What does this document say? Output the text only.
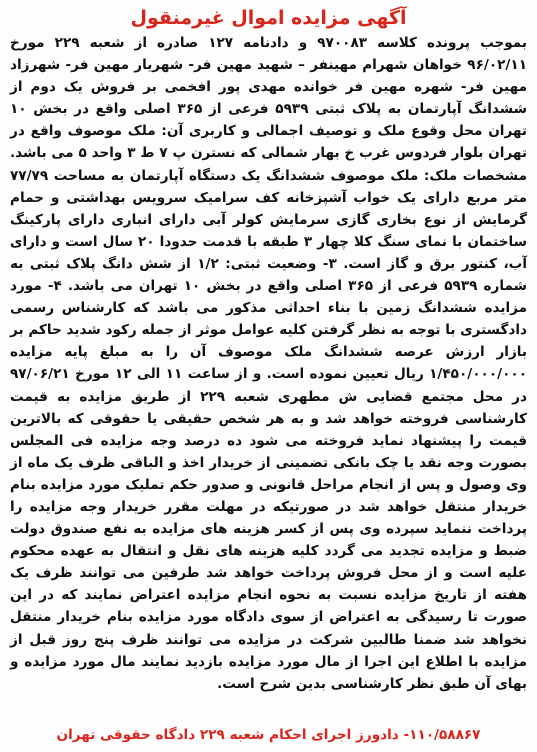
آگهی مزایده اموال غیرمنقول

بموجب پرونده کلاسه ۹۷۰۰۸۳ و دادنامه ۱۲۷ صادره از شعبه ۲۲۹ مورخ ۹۶/۰۲/۱۱ خواهان شهرام مهینفر – شهید مهین فر- شهریار مهین فر- شهرزاد مهین فر- شهره مهین فر خوانده مهدی پور افخمی بر فروش یک دوم از ششدانگ آپارتمان به پلاک ثبتی ۵۹۳۹ فرعی از ۳۶۵ اصلی واقع در بخش ۱۰ تهران محل وقوع ملک و توصیف اجمالی و کاربری آن: ملک موصوف واقع در تهران بلوار فردوس غرب خ بهار شمالی که نسترن پ ۷ ط ۳ واحد ۵ می باشد. مشخصات ملک: ملک موصوف ششدانگ یک دستگاه آپارتمان به مساحت ۷۷/۷۹ متر مربع دارای یک خواب آشپزخانه کف سرامیک سرویس بهداشتی و حمام گرمایش از نوع بخاری گازی سرمایش کولر آبی دارای انباری دارای پارکینگ ساختمان با نمای سنگ کلا چهار ۳ طبقه با قدمت حدودا ۲۰ سال است و دارای آب، کنتور برق و گاز است. ۳- وضعیت ثبتی: ۱/۲ از شش دانگ پلاک ثبتی به شماره ۵۹۳۹ فرعی از ۳۶۵ اصلی واقع در بخش ۱۰ تهران می باشد. ۴- مورد مزایده ششدانگ زمین با بناء احداثی مذکور می باشد که کارشناس رسمی دادگستری با توجه به نظر گرفتن کلیه عوامل موثر از جمله رکود شدید حاکم بر بازار ارزش عرصه ششدانگ ملک موصوف آن را به مبلغ پایه مزایده ۱/۴۵۰/۰۰۰/۰۰۰ ریال تعیین نموده است. و از ساعت ۱۱ الی ۱۲ مورخ ۹۷/۰۶/۲۱ در محل مجتمع قضایی ش مطهری شعبه ۲۲۹ از طریق مزایده به قیمت کارشناسی فروخته خواهد شد و به هر شخص حقیقی یا حقوقی که بالاترین قیمت را پیشنهاد نماید فروخته می شود ده درصد وجه مزایده فی المجلس بصورت وجه نقد یا چک بانکی تضمینی از خریدار اخذ و الباقی ظرف یک ماه از وی وصول و پس از انجام مراحل قانونی و صدور حکم تملیک مورد مزایده بنام خریدار منتقل خواهد شد در صورتیکه در مهلت مقرر خریدار وجه مزایده را پرداخت ننماید سپرده وی پس از کسر هزینه های مزایده به نفع صندوق دولت ضبط و مزایده تجدید می گردد کلیه هزینه های نقل و انتقال به عهده محکوم علیه است و از محل فروش پرداخت خواهد شد طرفین می توانند ظرف یک هفته از تاریخ مزایده نسبت به نحوه انجام مزایده اعتراض نمایند که در این صورت تا رسیدگی به اعتراض از سوی دادگاه مورد مزایده بنام خریدار منتقل نخواهد شد ضمنا طالبین شرکت در مزایده می توانند ظرف پنج روز قبل از مزایده با اطلاع این اجرا از مال مورد مزایده بازدید نمایند مال مورد مزایده و بهای آن طبق نظر کارشناسی بدین شرح است.

۱۱۰/۵۸۸۶۷- دادورز اجرای احکام شعبه ۲۲۹ دادگاه حقوقی تهران
